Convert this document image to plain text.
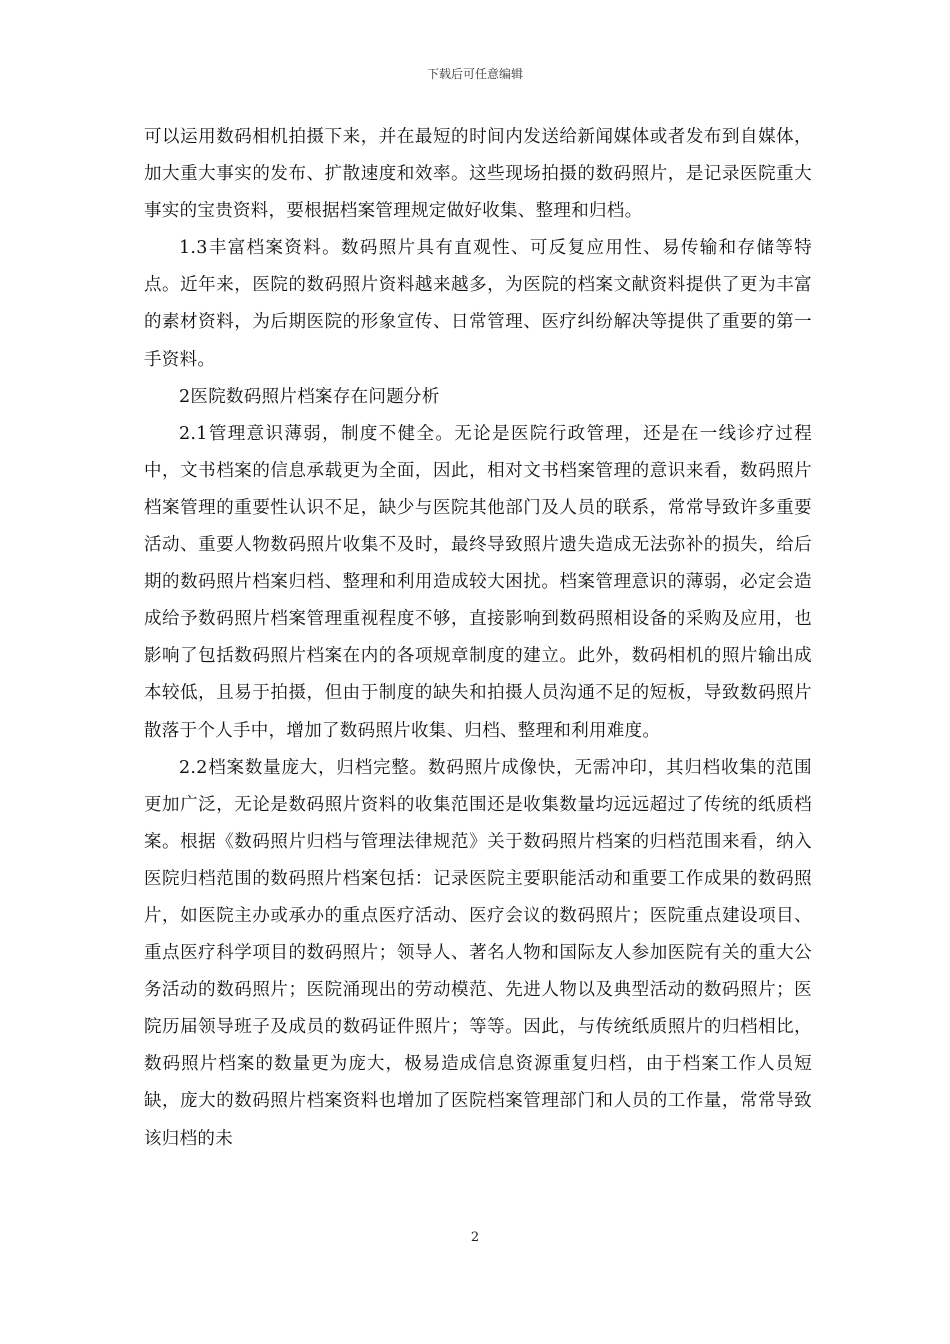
下载后可任意编辑

可以运用数码相机拍摄下来，并在最短的时间内发送给新闻媒体或者发布到自媒体，加大重大事实的发布、扩散速度和效率。这些现场拍摄的数码照片，是记录医院重大事实的宝贵资料，要根据档案管理规定做好收集、整理和归档。

1.3丰富档案资料。数码照片具有直观性、可反复应用性、易传输和存储等特点。近年来，医院的数码照片资料越来越多，为医院的档案文献资料提供了更为丰富的素材资料，为后期医院的形象宣传、日常管理、医疗纠纷解决等提供了重要的第一手资料。

2医院数码照片档案存在问题分析

2.1管理意识薄弱，制度不健全。无论是医院行政管理，还是在一线诊疗过程中，文书档案的信息承载更为全面，因此，相对文书档案管理的意识来看，数码照片档案管理的重要性认识不足，缺少与医院其他部门及人员的联系，常常导致许多重要活动、重要人物数码照片收集不及时，最终导致照片遗失造成无法弥补的损失，给后期的数码照片档案归档、整理和利用造成较大困扰。档案管理意识的薄弱，必定会造成给予数码照片档案管理重视程度不够，直接影响到数码照相设备的采购及应用，也影响了包括数码照片档案在内的各项规章制度的建立。此外，数码相机的照片输出成本较低，且易于拍摄，但由于制度的缺失和拍摄人员沟通不足的短板，导致数码照片散落于个人手中，增加了数码照片收集、归档、整理和利用难度。

2.2档案数量庞大，归档完整。数码照片成像快，无需冲印，其归档收集的范围更加广泛，无论是数码照片资料的收集范围还是收集数量均远远超过了传统的纸质档案。根据《数码照片归档与管理法律规范》关于数码照片档案的归档范围来看，纳入医院归档范围的数码照片档案包括：记录医院主要职能活动和重要工作成果的数码照片，如医院主办或承办的重点医疗活动、医疗会议的数码照片；医院重点建设项目、重点医疗科学项目的数码照片；领导人、著名人物和国际友人参加医院有关的重大公务活动的数码照片；医院涌现出的劳动模范、先进人物以及典型活动的数码照片；医院历届领导班子及成员的数码证件照片；等等。因此，与传统纸质照片的归档相比，数码照片档案的数量更为庞大，极易造成信息资源重复归档，由于档案工作人员短缺，庞大的数码照片档案资料也增加了医院档案管理部门和人员的工作量，常常导致该归档的未

2
